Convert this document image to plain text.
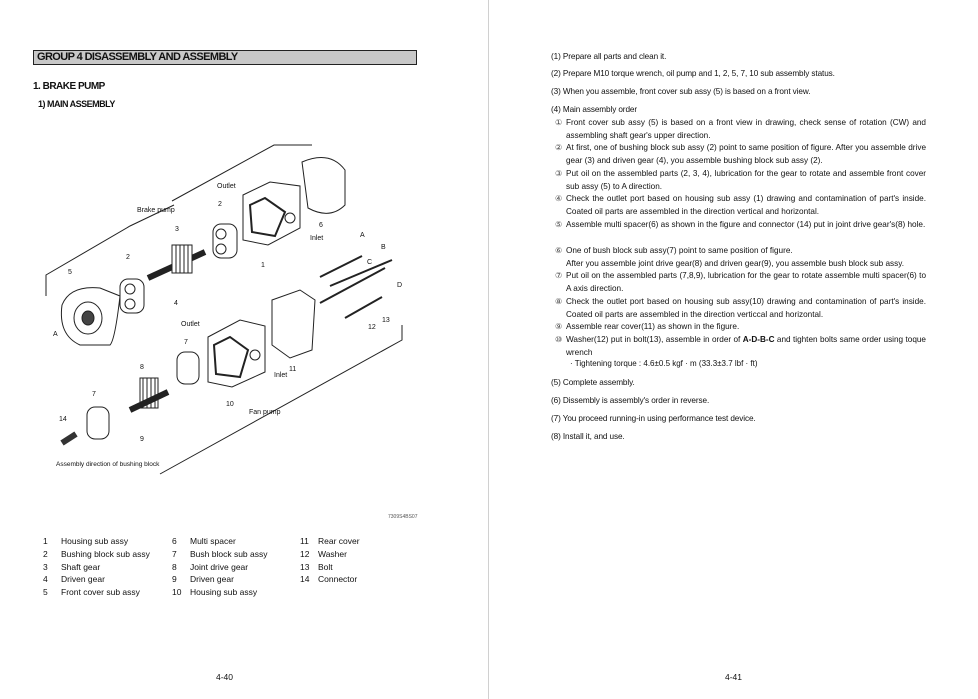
GROUP 4 DISASSEMBLY AND ASSEMBLY
1. BRAKE PUMP
1) MAIN ASSEMBLY
Outlet
Brake pump
2
3
6
Inlet	A
B
C
D
2
5
1
4
A
Outlet
7
12
13
11
Inlet
8
10
7
Fan pump
14
9
Assembly direction of bushing block
7309S4BS07
1	Housing sub assy
2	Bushing block sub assy
3	Shaft gear
4	Driven gear
5	Front cover sub assy
6	Multi spacer
7	Bush block sub assy
8	Joint drive gear
9	Driven gear
10	Housing sub assy
11	Rear cover
12	Washer
13	Bolt
14	Connector
4-40
(1) Prepare all parts and clean it.
(2) Prepare M10 torque wrench, oil pump and 1, 2, 5, 7, 10 sub assembly status.
(3) When you assemble, front cover sub assy (5) is based on a front view.
(4) Main assembly order
① Front cover sub assy (5) is based on a front view in drawing, check sense of rotation (CW) and assembling shaft gear's upper direction.
② At first, one of bushing block sub assy (2) point to same position of figure. After you assemble drive gear (3) and driven gear (4), you assemble bushing block sub assy (2).
③ Put oil on the assembled parts (2, 3, 4), lubrication for the gear to rotate and assemble front cover sub assy (5) to A direction.
④ Check the outlet port based on housing sub assy (1) drawing and contamination of part's inside. Coated oil parts are assembled in the direction vertical and horizontal.
⑤ Assemble multi spacer(6) as shown in the figure and connector (14) put in joint drive gear's(8) hole.
⑥ One of bush block sub assy(7) point to same position of figure.
After you assemble joint drive gear(8) and driven gear(9), you assemble bush block sub assy.
⑦ Put oil on the assembled parts (7,8,9), lubrication for the gear to rotate assemble multi spacer(6) to A axis direction.
⑧ Check the outlet port based on housing sub assy(10) drawing and contamination of part's inside. Coated oil parts are assembled in the direction verticcal and horizontal.
⑨ Assemble rear cover(11) as shown in the figure.
⑩ Washer(12) put in bolt(13), assemble in order of A-D-B-C and tighten bolts same order using toque wrench
· Tightening torque : 4.6±0.5 kgf · m (33.3±3.7 lbf · ft)
(5) Complete assembly.
(6) Dissembly is assembly's order in reverse.
(7) You proceed running-in using performance test device.
(8) Install it, and use.
4-41
